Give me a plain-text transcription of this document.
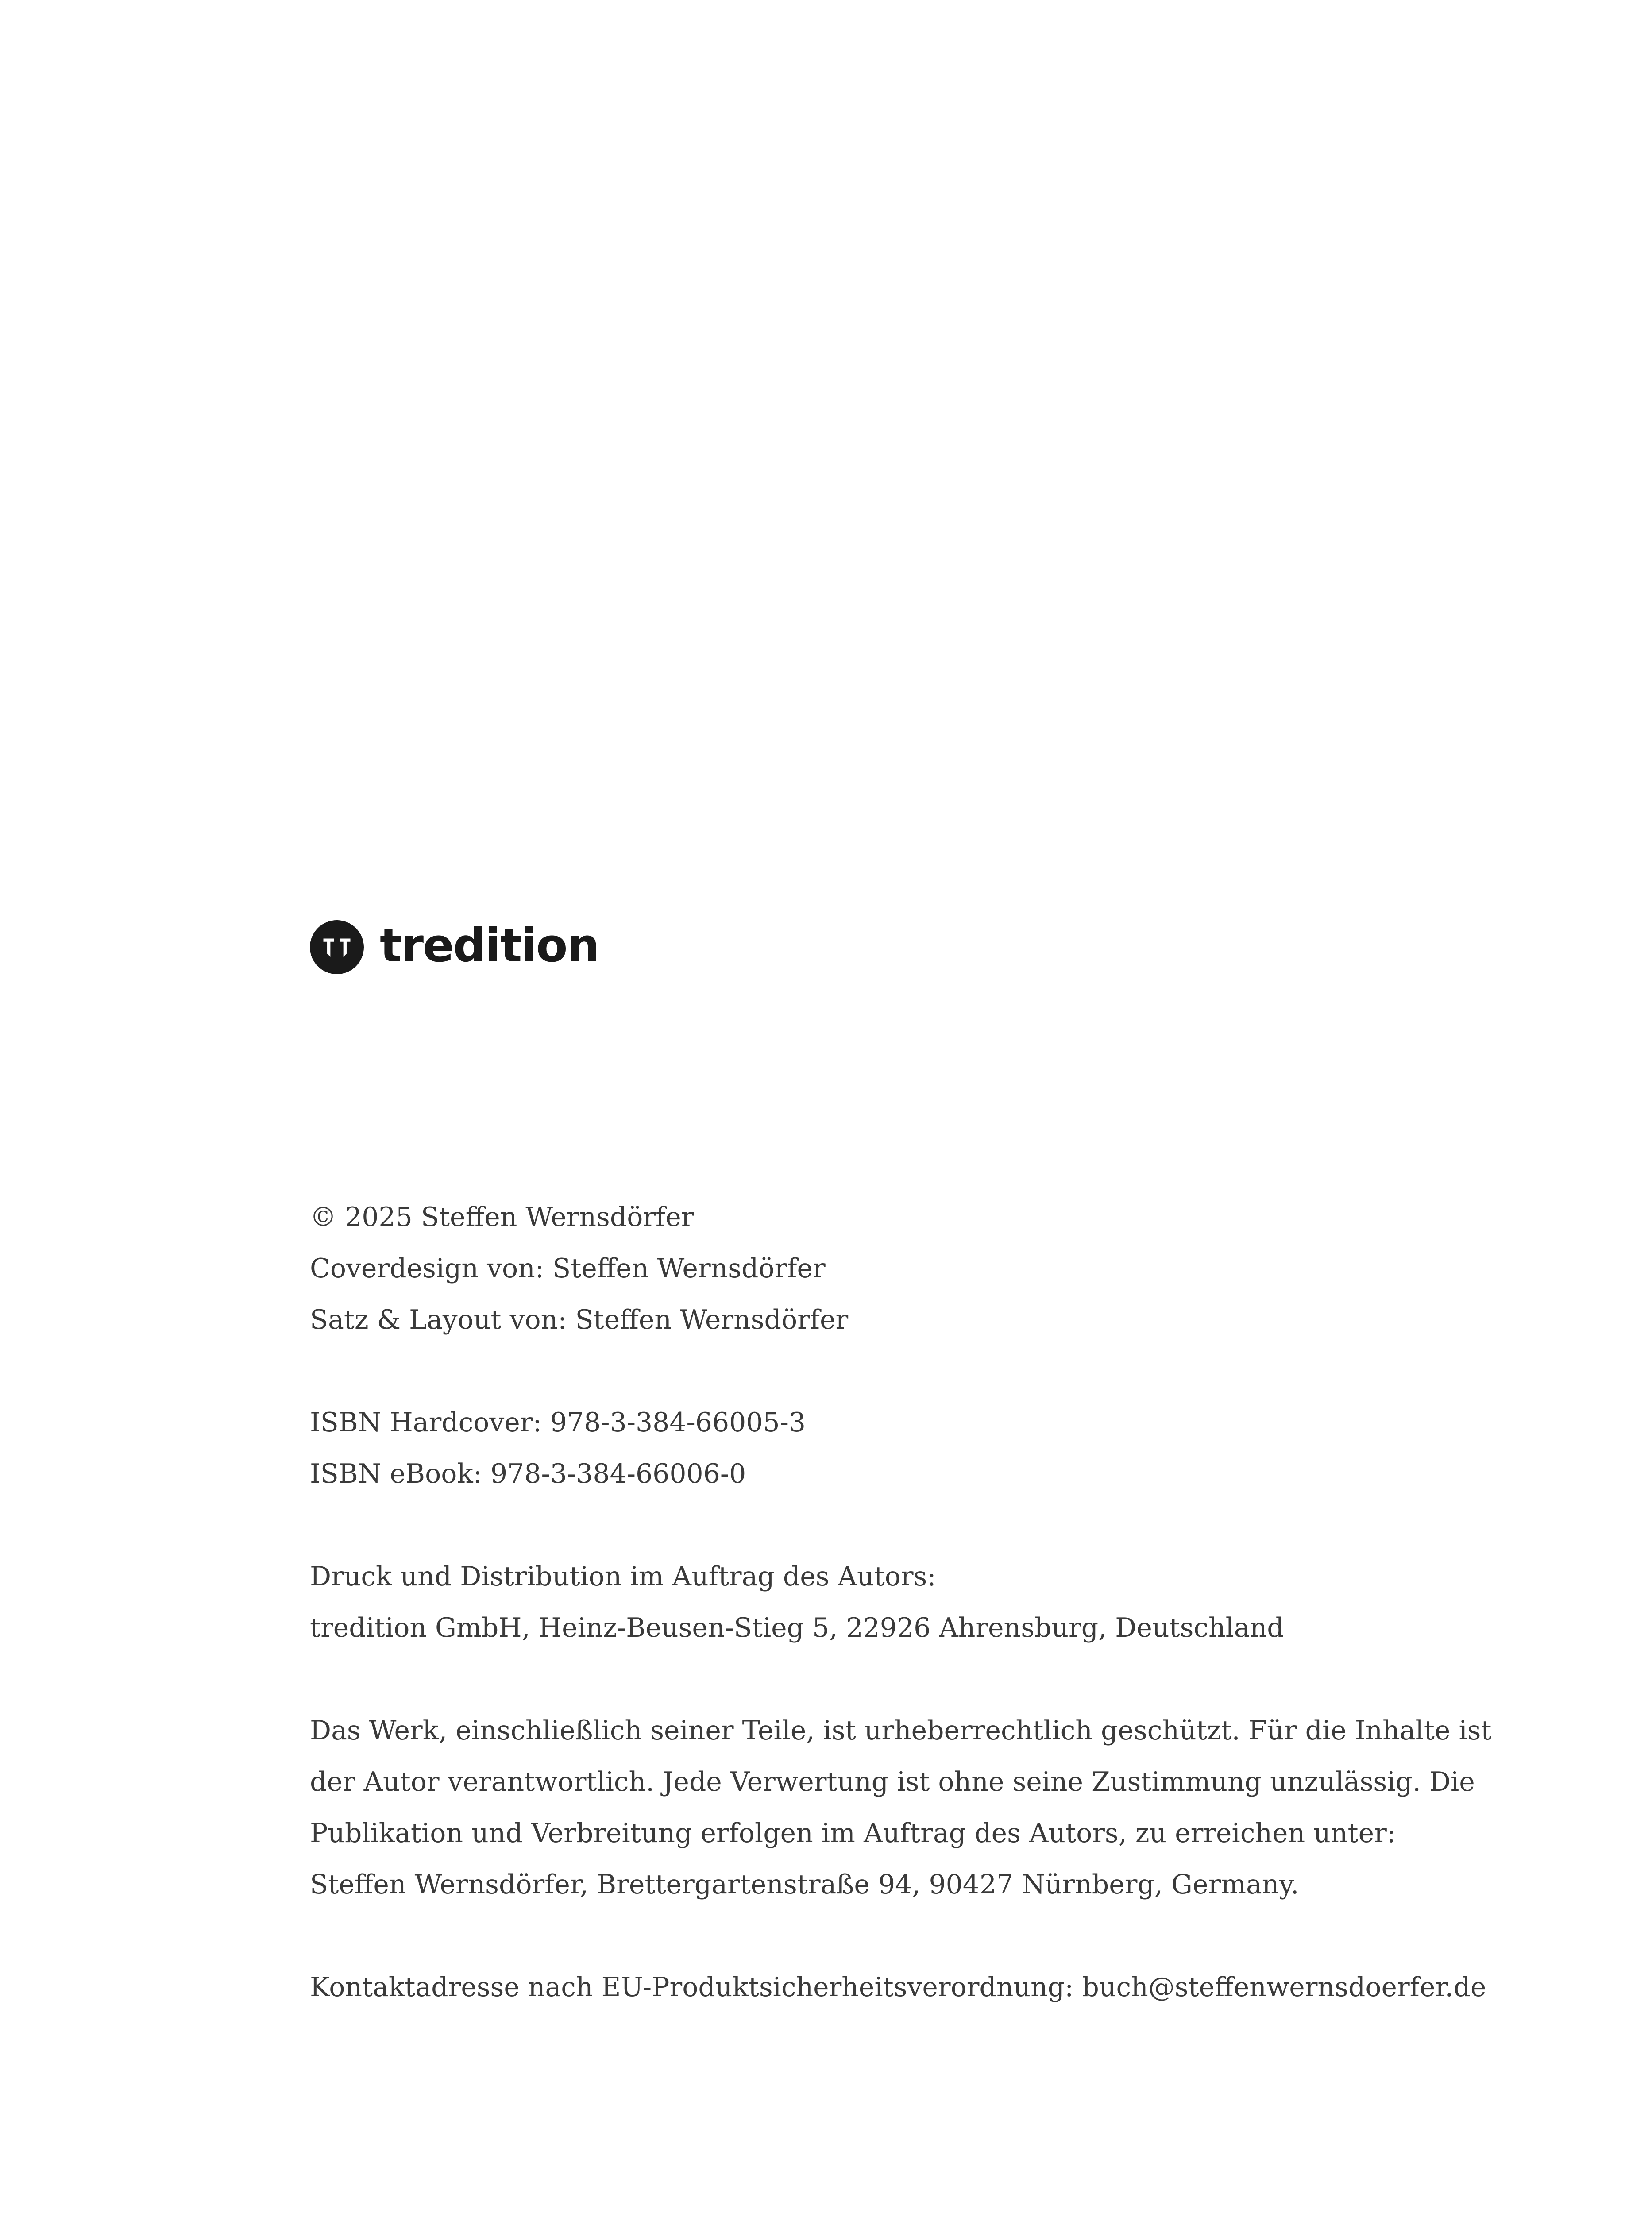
tredition

© 2025 Steffen Wernsdörfer

Coverdesign von: Steffen Wernsdörfer

Satz & Layout von: Steffen Wernsdörfer

ISBN Hardcover: 978-3-384-66005-3

ISBN eBook: 978-3-384-66006-0

Druck und Distribution im Auftrag des Autors:

tredition GmbH, Heinz-Beusen-Stieg 5, 22926 Ahrensburg, Deutschland

Das Werk, einschließlich seiner Teile, ist urheberrechtlich geschützt. Für die Inhalte ist

der Autor verantwortlich. Jede Verwertung ist ohne seine Zustimmung unzulässig. Die

Publikation und Verbreitung erfolgen im Auftrag des Autors, zu erreichen unter:

Steffen Wernsdörfer, Brettergartenstraße 94, 90427 Nürnberg, Germany.

Kontaktadresse nach EU-Produktsicherheitsverordnung: buch@steffenwernsdoerfer.de
